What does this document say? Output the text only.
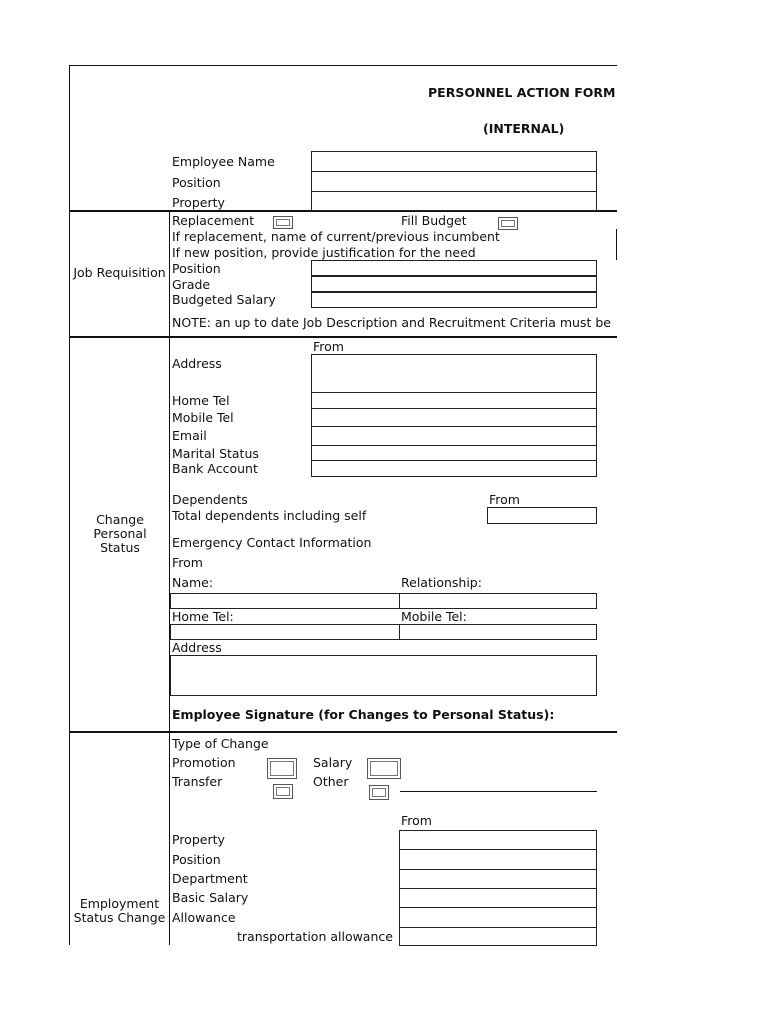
PERSONNEL ACTION FORM
(INTERNAL)
Employee Name
Position
Property
Job Requisition
Replacement	Fill Budget
If replacement, name of current/previous incumbent
If new position, provide justification for the need
Position
Grade
Budgeted Salary
NOTE: an up to date Job Description and Recruitment Criteria must be
Change Personal Status
From
Address
Home Tel
Mobile Tel
Email
Marital Status
Bank Account
Dependents	From
Total dependents including self
Emergency Contact Information
From
Name:	Relationship:
Home Tel:	Mobile Tel:
Address
Employee Signature (for Changes to Personal Status):
Employment Status Change
Type of Change
Promotion	Salary
Transfer	Other
From
Property
Position
Department
Basic Salary
Allowance
transportation allowance
